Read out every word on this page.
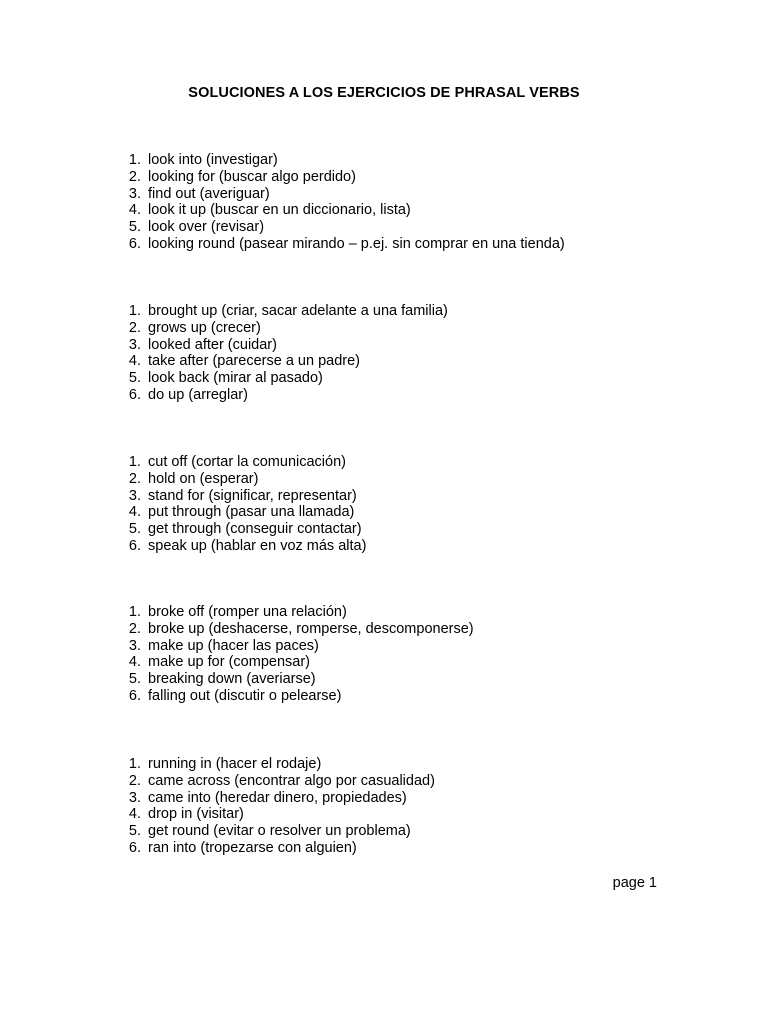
SOLUCIONES A LOS EJERCICIOS DE PHRASAL VERBS
1. look into (investigar)
2. looking for (buscar algo perdido)
3. find out (averiguar)
4. look it up (buscar en un diccionario, lista)
5. look over (revisar)
6. looking round (pasear mirando – p.ej. sin comprar en una tienda)
1. brought up (criar, sacar adelante a una familia)
2. grows up (crecer)
3. looked after (cuidar)
4. take after (parecerse a un padre)
5. look back (mirar al pasado)
6. do up (arreglar)
1. cut off (cortar la comunicación)
2. hold on (esperar)
3. stand for (significar, representar)
4. put through (pasar una llamada)
5. get through (conseguir contactar)
6. speak up (hablar en voz más alta)
1. broke off (romper una relación)
2. broke up (deshacerse, romperse, descomponerse)
3. make up (hacer las paces)
4. make up for (compensar)
5. breaking down (averiarse)
6. falling out (discutir o pelearse)
1. running in (hacer el rodaje)
2. came across (encontrar algo por casualidad)
3. came into (heredar dinero, propiedades)
4. drop in (visitar)
5. get round (evitar o resolver un problema)
6. ran into (tropezarse con alguien)
page 1
